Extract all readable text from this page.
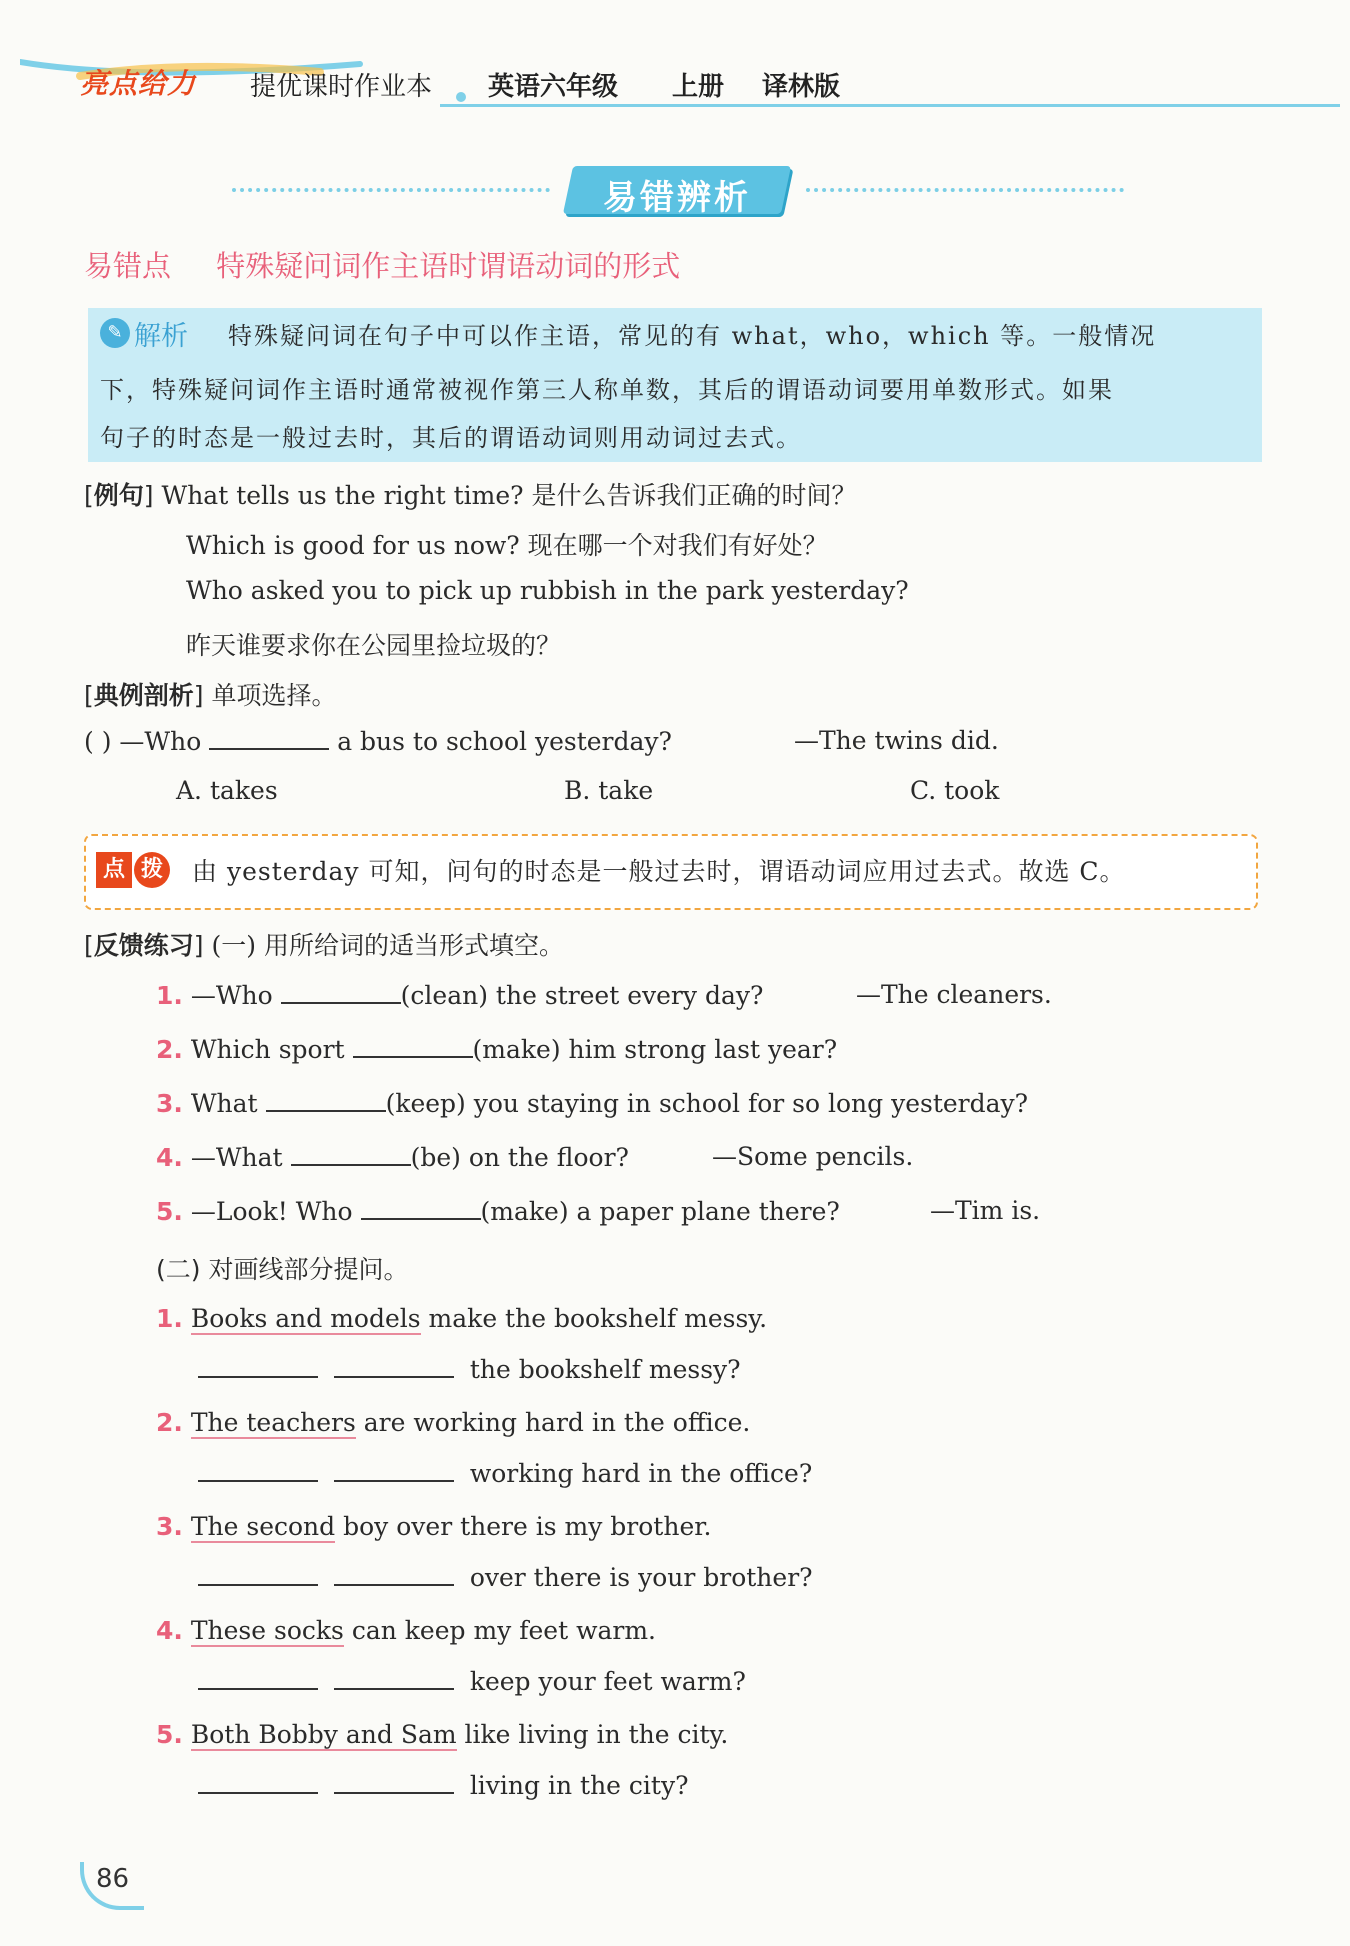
亮点给力 提优课时作业本 英语六年级 上册 译林版
易错辨析
易错点 特殊疑问词作主语时谓语动词的形式
✎ 解析 特殊疑问词在句子中可以作主语，常见的有 what，who，which 等。一般情况
下，特殊疑问词作主语时通常被视作第三人称单数，其后的谓语动词要用单数形式。如果
句子的时态是一般过去时，其后的谓语动词则用动词过去式。
[例句] What tells us the right time? 是什么告诉我们正确的时间？
Which is good for us now? 现在哪一个对我们有好处？
Who asked you to pick up rubbish in the park yesterday?
昨天谁要求你在公园里捡垃圾的？
[典例剖析] 单项选择。
( ) —Who	a bus to school yesterday?	—The twins did.
A. takes	B. take	C. took
点 拨 由 yesterday 可知，问句的时态是一般过去时，谓语动词应用过去式。故选 C。
[反馈练习] (一) 用所给词的适当形式填空。
1. —Who	(clean) the street every day?	—The cleaners.
2. Which sport	(make) him strong last year?
3. What	(keep) you staying in school for so long yesterday?
4. —What	(be) on the floor?	—Some pencils.
5. —Look! Who	(make) a paper plane there?	—Tim is.
(二) 对画线部分提问。
1. Books and models make the bookshelf messy.
the bookshelf messy?
2. The teachers are working hard in the office.
working hard in the office?
3. The second boy over there is my brother.
over there is your brother?
4. These socks can keep my feet warm.
keep your feet warm?
5. Both Bobby and Sam like living in the city.
living in the city?
86
